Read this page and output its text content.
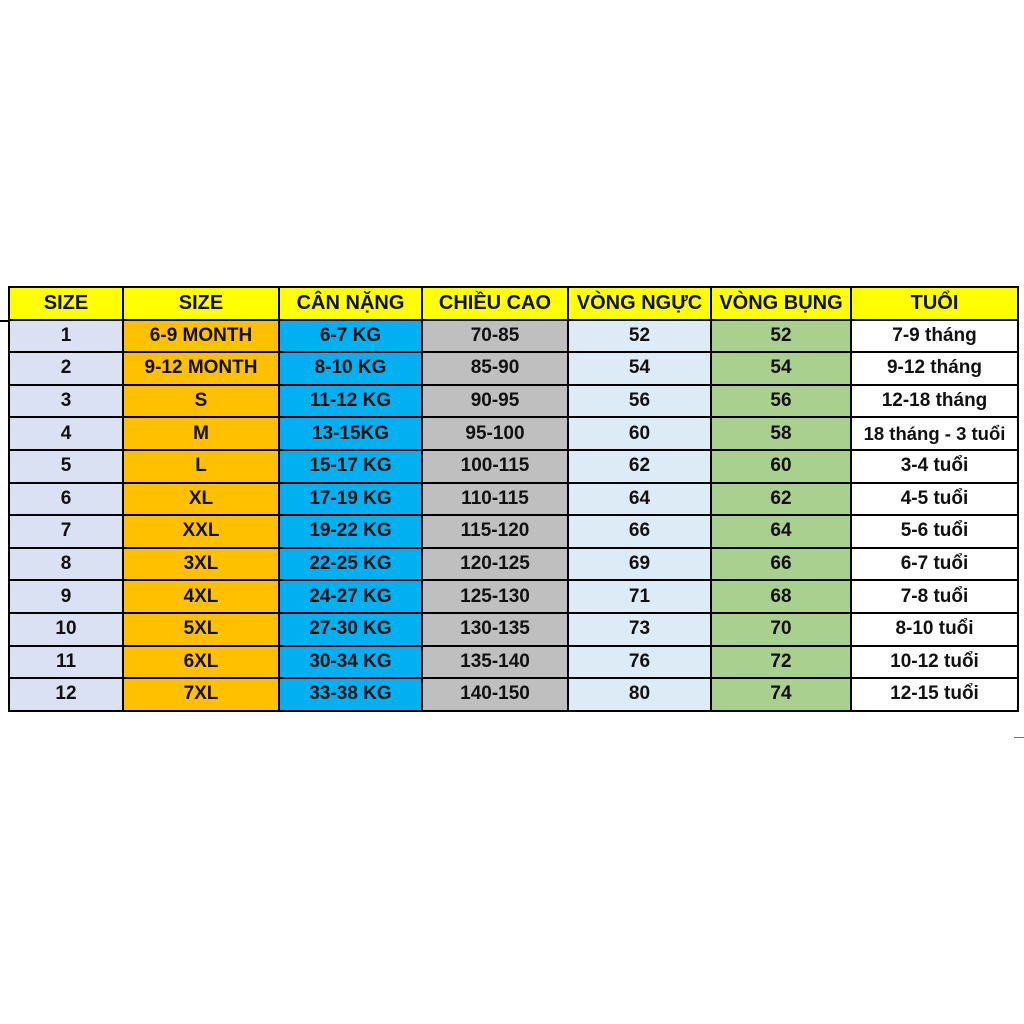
SIZE	SIZE	CÂN NẶNG	CHIỀU CAO	VÒNG NGỰC	VÒNG BỤNG	TUỔI
1	6-9 MONTH	6-7 KG	70-85	52	52	7-9 tháng
2	9-12 MONTH	8-10 KG	85-90	54	54	9-12 tháng
3	S	11-12 KG	90-95	56	56	12-18 tháng
4	M	13-15KG	95-100	60	58	18 tháng - 3 tuổi
5	L	15-17 KG	100-115	62	60	3-4 tuổi
6	XL	17-19 KG	110-115	64	62	4-5 tuổi
7	XXL	19-22 KG	115-120	66	64	5-6 tuổi
8	3XL	22-25 KG	120-125	69	66	6-7 tuổi
9	4XL	24-27 KG	125-130	71	68	7-8 tuổi
10	5XL	27-30 KG	130-135	73	70	8-10 tuổi
11	6XL	30-34 KG	135-140	76	72	10-12 tuổi
12	7XL	33-38 KG	140-150	80	74	12-15 tuổi
